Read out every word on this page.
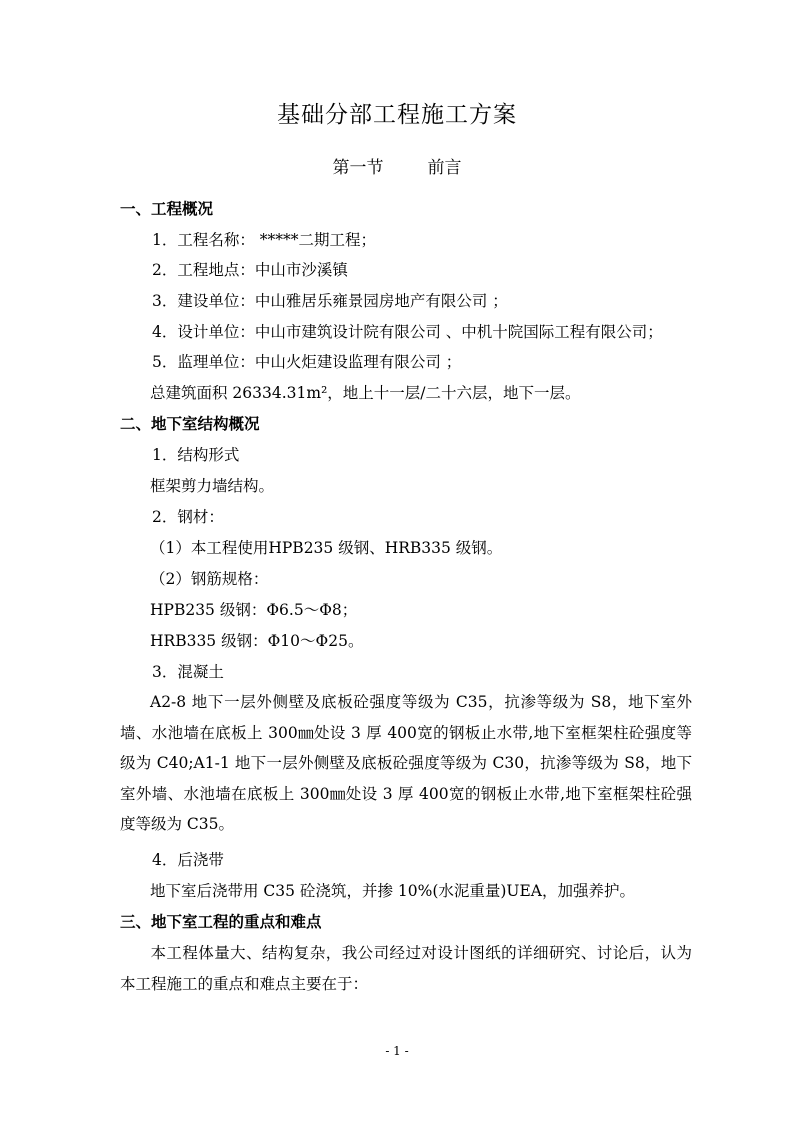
基础分部工程施工方案
第一节	前言
一、工程概况
1．工程名称： *****二期工程；
2．工程地点：中山市沙溪镇
3．建设单位：中山雅居乐雍景园房地产有限公司 ；
4．设计单位：中山市建筑设计院有限公司 、中机十院国际工程有限公司；
5．监理单位：中山火炬建设监理有限公司 ；
总建筑面积 26334.31m²，地上十一层/二十六层，地下一层。
二、地下室结构概况
1．结构形式
框架剪力墙结构。
2．钢材：
（1）本工程使用HPB235 级钢、HRB335 级钢。
（2）钢筋规格：
HPB235 级钢：Φ6.5～Φ8；
HRB335 级钢：Φ10～Φ25。
3．混凝土
A2-8 地下一层外侧壁及底板砼强度等级为 C35，抗渗等级为 S8，地下室外墙、水池墙在底板上 300㎜处设 3 厚 400宽的钢板止水带,地下室框架柱砼强度等级为 C40;A1-1 地下一层外侧壁及底板砼强度等级为 C30，抗渗等级为 S8，地下室外墙、水池墙在底板上 300㎜处设 3 厚 400宽的钢板止水带,地下室框架柱砼强度等级为 C35。
4．后浇带
地下室后浇带用 C35 砼浇筑，并掺 10%(水泥重量)UEA，加强养护。
三、地下室工程的重点和难点
本工程体量大、结构复杂，我公司经过对设计图纸的详细研究、讨论后，认为本工程施工的重点和难点主要在于：
- 1 -
